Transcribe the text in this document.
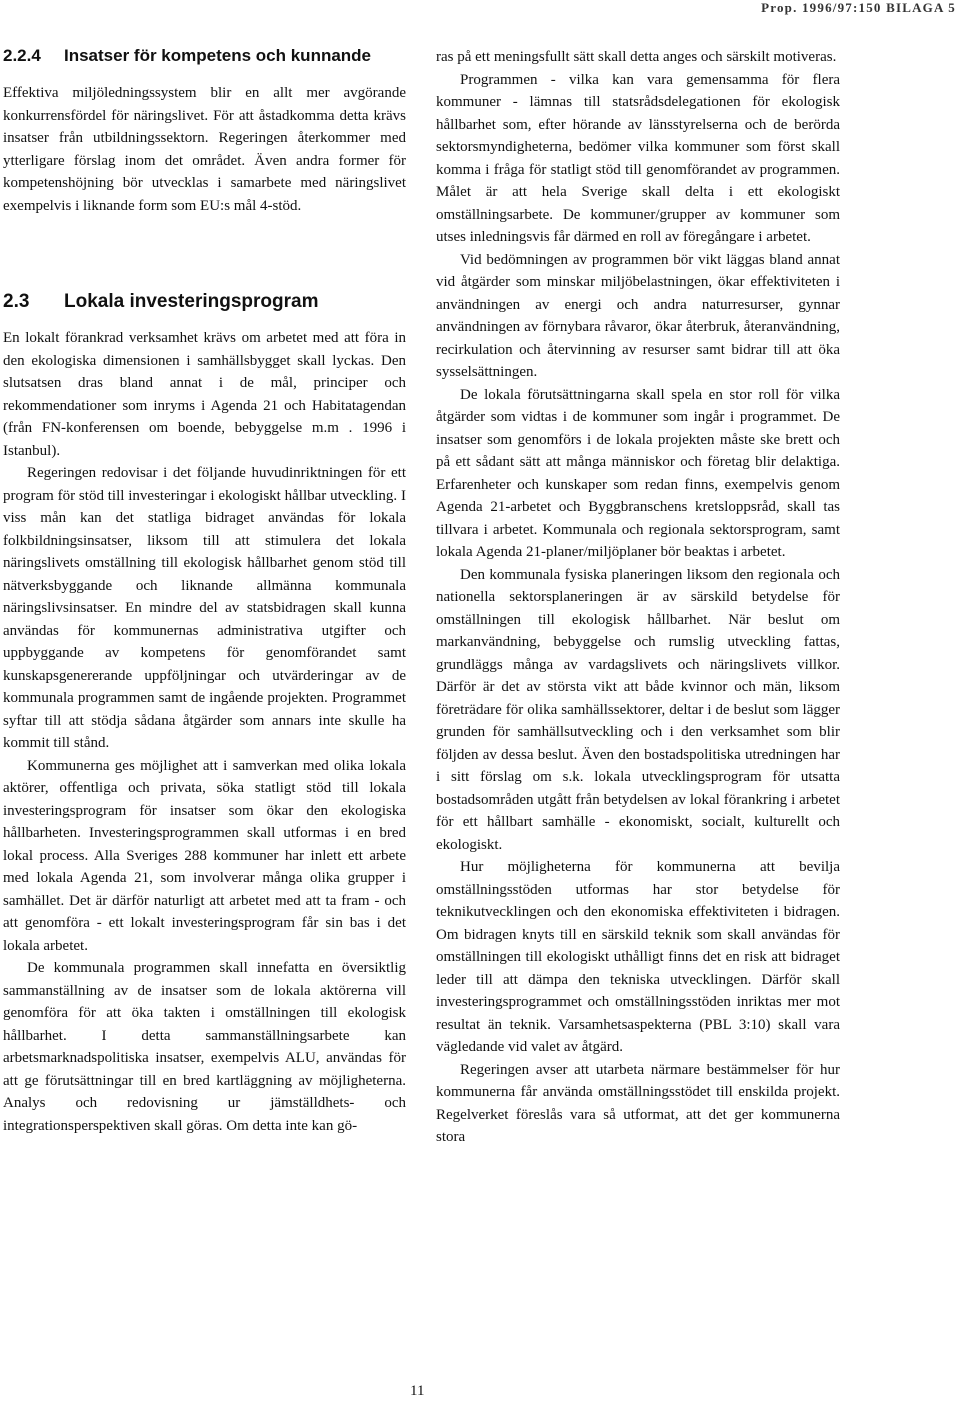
Prop. 1996/97:150 BILAGA 5
2.2.4 Insatser för kompetens och kunnande

Effektiva miljöledningssystem blir en allt mer avgörande konkurrensfördel för näringslivet. För att åstadkomma detta krävs insatser från utbildningssektorn. Regeringen återkommer med ytterligare förslag inom det området. Även andra former för kompetenshöjning bör utvecklas i samarbete med näringslivet exempelvis i liknande form som EU:s mål 4-stöd.

2.3 Lokala investeringsprogram

En lokalt förankrad verksamhet krävs om arbetet med att föra in den ekologiska dimensionen i samhällsbygget skall lyckas. Den slutsatsen dras bland annat i de mål, principer och rekommendationer som inryms i Agenda 21 och Habitatagendan (från FN-konferensen om boende, bebyggelse m.m . 1996 i Istanbul).

Regeringen redovisar i det följande huvudinriktningen för ett program för stöd till investeringar i ekologiskt hållbar utveckling. I viss mån kan det statliga bidraget användas för lokala folkbildningsinsatser, liksom till att stimulera det lokala näringslivets omställning till ekologisk hållbarhet genom stöd till nätverksbyggande och liknande allmänna kommunala näringslivsinsatser. En mindre del av statsbidragen skall kunna användas för kommunernas administrativa utgifter och uppbyggande av kompetens för genomförandet samt kunskapsgenererande uppföljningar och utvärderingar av de kommunala programmen samt de ingående projekten. Programmet syftar till att stödja sådana åtgärder som annars inte skulle ha kommit till stånd.

Kommunerna ges möjlighet att i samverkan med olika lokala aktörer, offentliga och privata, söka statligt stöd till lokala investeringsprogram för insatser som ökar den ekologiska hållbarheten. Investeringsprogrammen skall utformas i en bred lokal process. Alla Sveriges 288 kommuner har inlett ett arbete med lokala Agenda 21, som involverar många olika grupper i samhället. Det är därför naturligt att arbetet med att ta fram - och att genomföra - ett lokalt investeringsprogram får sin bas i det lokala arbetet.

De kommunala programmen skall innefatta en översiktlig sammanställning av de insatser som de lokala aktörerna vill genomföra för att öka takten i omställningen till ekologisk hållbarhet. I detta sammanställningsarbete kan arbetsmarknadspolitiska insatser, exempelvis ALU, användas för att ge förutsättningar till en bred kartläggning av möjligheterna. Analys och redovisning ur jämställdhets- och integrationsperspektiven skall göras. Om detta inte kan gö-

ras på ett meningsfullt sätt skall detta anges och särskilt motiveras.

Programmen - vilka kan vara gemensamma för flera kommuner - lämnas till statsrådsdelegationen för ekologisk hållbarhet som, efter hörande av länsstyrelserna och de berörda sektorsmyndigheterna, bedömer vilka kommuner som först skall komma i fråga för statligt stöd till genomförandet av programmen. Målet är att hela Sverige skall delta i ett ekologiskt omställningsarbete. De kommuner/grupper av kommuner som utses inledningsvis får därmed en roll av föregångare i arbetet.

Vid bedömningen av programmen bör vikt läggas bland annat vid åtgärder som minskar miljöbelastningen, ökar effektiviteten i användningen av energi och andra naturresurser, gynnar användningen av förnybara råvaror, ökar återbruk, återanvändning, recirkulation och återvinning av resurser samt bidrar till att öka sysselsättningen.

De lokala förutsättningarna skall spela en stor roll för vilka åtgärder som vidtas i de kommuner som ingår i programmet. De insatser som genomförs i de lokala projekten måste ske brett och på ett sådant sätt att många människor och företag blir delaktiga. Erfarenheter och kunskaper som redan finns, exempelvis genom Agenda 21-arbetet och Byggbranschens kretsloppsråd, skall tas tillvara i arbetet. Kommunala och regionala sektorsprogram, samt lokala Agenda 21-planer/miljöplaner bör beaktas i arbetet.

Den kommunala fysiska planeringen liksom den regionala och nationella sektorsplaneringen är av särskild betydelse för omställningen till ekologisk hållbarhet. När beslut om markanvändning, bebyggelse och rumslig utveckling fattas, grundläggs många av vardagslivets och näringslivets villkor. Därför är det av största vikt att både kvinnor och män, liksom företrädare för olika samhällssektorer, deltar i de beslut som lägger grunden för samhällsutveckling och i den verksamhet som blir följden av dessa beslut. Även den bostadspolitiska utredningen har i sitt förslag om s.k. lokala utvecklingsprogram för utsatta bostadsområden utgått från betydelsen av lokal förankring i arbetet för ett hållbart samhälle - ekonomiskt, socialt, kulturellt och ekologiskt.

Hur möjligheterna för kommunerna att bevilja omställningsstöden utformas har stor betydelse för teknikutvecklingen och den ekonomiska effektiviteten i bidragen. Om bidragen knyts till en särskild teknik som skall användas för omställningen till ekologiskt uthålligt finns det en risk att bidraget leder till att dämpa den tekniska utvecklingen. Därför skall investeringsprogrammet och omställningsstöden inriktas mer mot resultat än teknik. Varsamhetsaspekterna (PBL 3:10) skall vara vägledande vid valet av åtgärd.

Regeringen avser att utarbeta närmare bestämmelser för hur kommunerna får använda omställningsstödet till enskilda projekt. Regelverket föreslås vara så utformat, att det ger kommunerna stora

11
